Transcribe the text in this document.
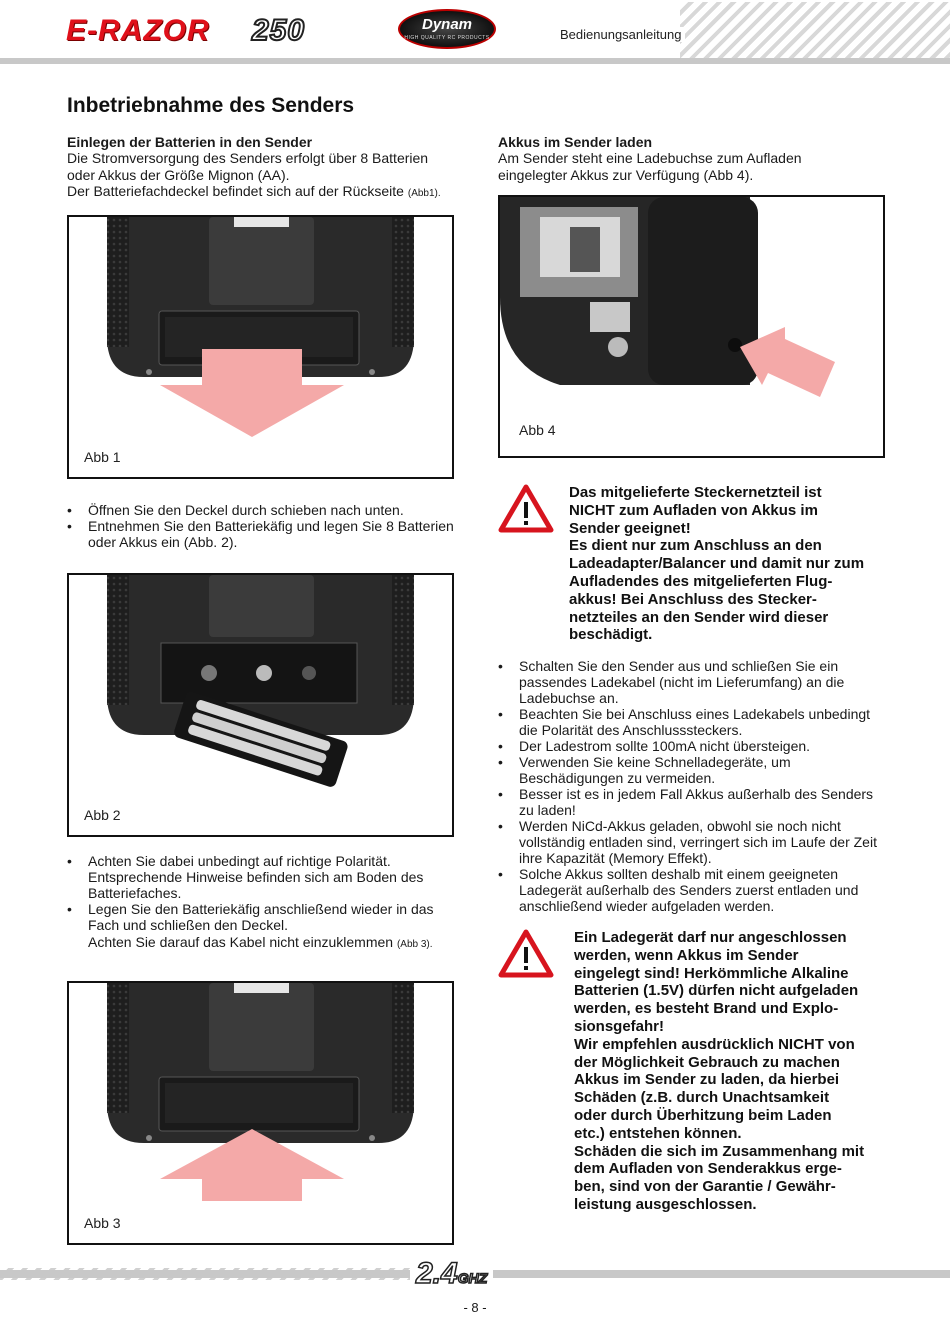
E-RAZOR 250	Dynam
HIGH QUALITY RC PRODUCTS	Bedienungsanleitung
Inbetriebnahme des Senders
Einlegen der Batterien in den Sender
Die Stromversorgung des Senders erfolgt über 8 Batterien
oder Akkus der Größe Mignon (AA).
Der Batteriefachdeckel befindet sich auf der Rückseite (Abb1).
Abb 1
• Öffnen Sie den Deckel durch schieben nach unten.
• Entnehmen Sie den Batteriekäfig und legen Sie 8 Batterien oder Akkus ein (Abb. 2).
Abb 2
• Achten Sie dabei unbedingt auf richtige Polarität. Entsprechende Hinweise befinden sich am Boden des Batteriefaches.
• Legen Sie den Batteriekäfig anschließend wieder in das Fach und schließen den Deckel.
Achten Sie darauf das Kabel nicht einzuklemmen (Abb 3).
Abb 3
Akkus im Sender laden
Am Sender steht eine Ladebuchse zum Aufladen
eingelegter Akkus zur Verfügung (Abb 4).
Abb 4
Das mitgelieferte Steckernetzteil ist
NICHT zum Aufladen von Akkus im
Sender geeignet!
Es dient nur zum Anschluss an den
Ladeadapter/Balancer und damit nur zum
Aufladendes des mitgelieferten Flug-
akkus! Bei Anschluss des Stecker-
netzteiles an den Sender wird dieser
beschädigt.
• Schalten Sie den Sender aus und schließen Sie ein passendes Ladekabel (nicht im Lieferumfang) an die Ladebuchse an.
• Beachten Sie bei Anschluss eines Ladekabels unbedingt die Polarität des Anschlusssteckers.
• Der Ladestrom sollte 100mA nicht übersteigen.
• Verwenden Sie keine Schnelladegeräte, um Beschädigungen zu vermeiden.
• Besser ist es in jedem Fall Akkus außerhalb des Senders zu laden!
• Werden NiCd-Akkus geladen, obwohl sie noch nicht vollständig entladen sind, verringert sich im Laufe der Zeit ihre Kapazität (Memory Effekt).
• Solche Akkus sollten deshalb mit einem geeigneten Ladegerät außerhalb des Senders zuerst entladen und anschließend wieder aufgeladen werden.
Ein Ladegerät darf nur angeschlossen
werden, wenn Akkus im Sender
eingelegt sind! Herkömmliche Alkaline
Batterien (1.5V) dürfen nicht aufgeladen
werden, es besteht Brand und Explo-
sionsgefahr!
Wir empfehlen ausdrücklich NICHT von
der Möglichkeit Gebrauch zu machen
Akkus im Sender zu laden, da hierbei
Schäden (z.B. durch Unachtsamkeit
oder durch Überhitzung beim Laden
etc.) entstehen können.
Schäden die sich im Zusammenhang mit
dem Aufladen von Senderakkus erge-
ben, sind von der Garantie / Gewähr-
leistung ausgeschlossen.
2.4GHZ
- 8 -
